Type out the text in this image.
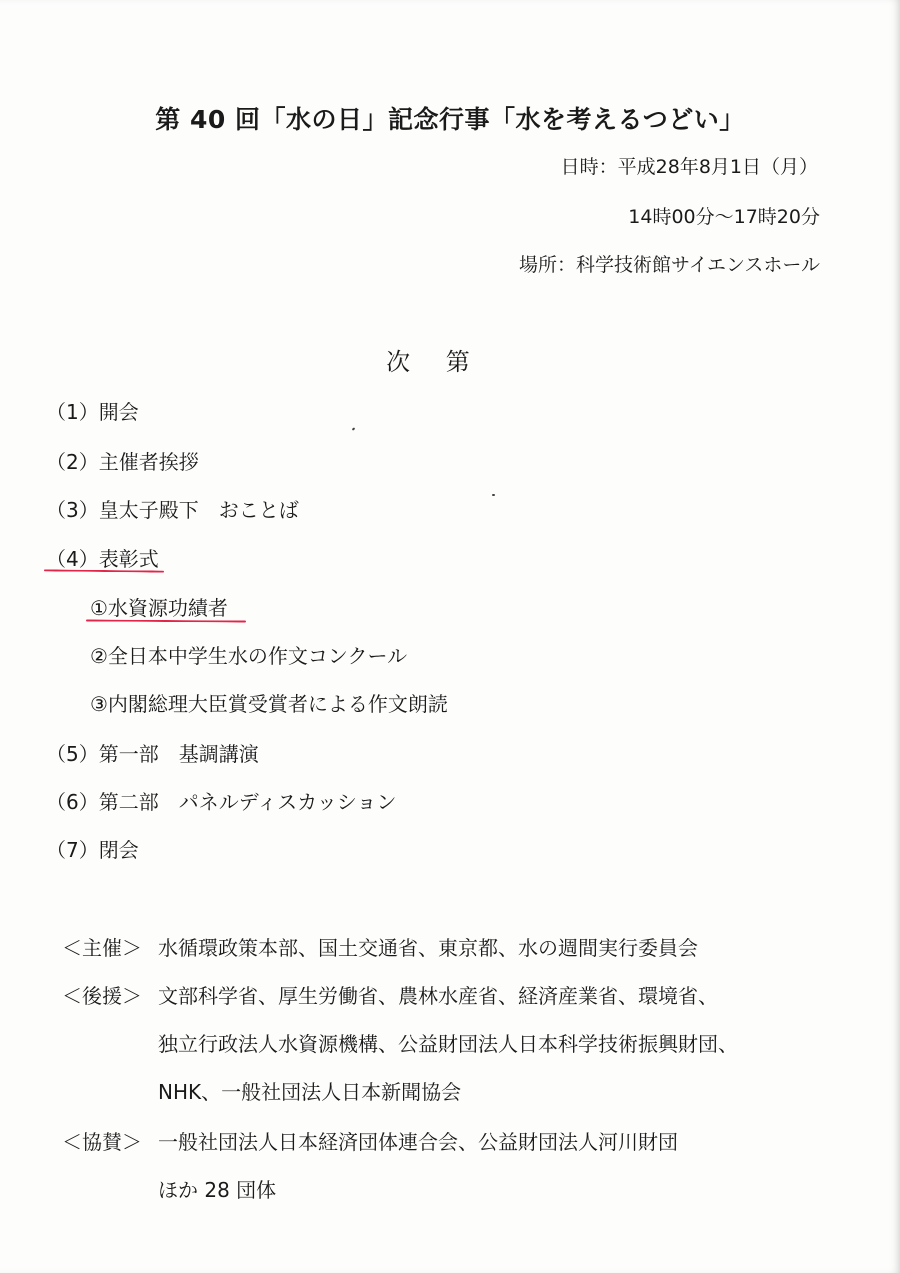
第 40 回「水の日」記念行事「水を考えるつどい」
日時：平成28年8月1日（月）
14時00分～17時20分
場所：科学技術館サイエンスホール
次 第
（1）開会
（2）主催者挨拶
（3）皇太子殿下　おことば
（4）表彰式
①水資源功績者
②全日本中学生水の作文コンクール
③内閣総理大臣賞受賞者による作文朗読
（5）第一部　基調講演
（6）第二部　パネルディスカッション
（7）閉会
＜主催＞ 水循環政策本部、国土交通省、東京都、水の週間実行委員会
＜後援＞ 文部科学省、厚生労働省、農林水産省、経済産業省、環境省、
独立行政法人水資源機構、公益財団法人日本科学技術振興財団、
NHK、一般社団法人日本新聞協会
＜協賛＞ 一般社団法人日本経済団体連合会、公益財団法人河川財団
ほか 28 団体
